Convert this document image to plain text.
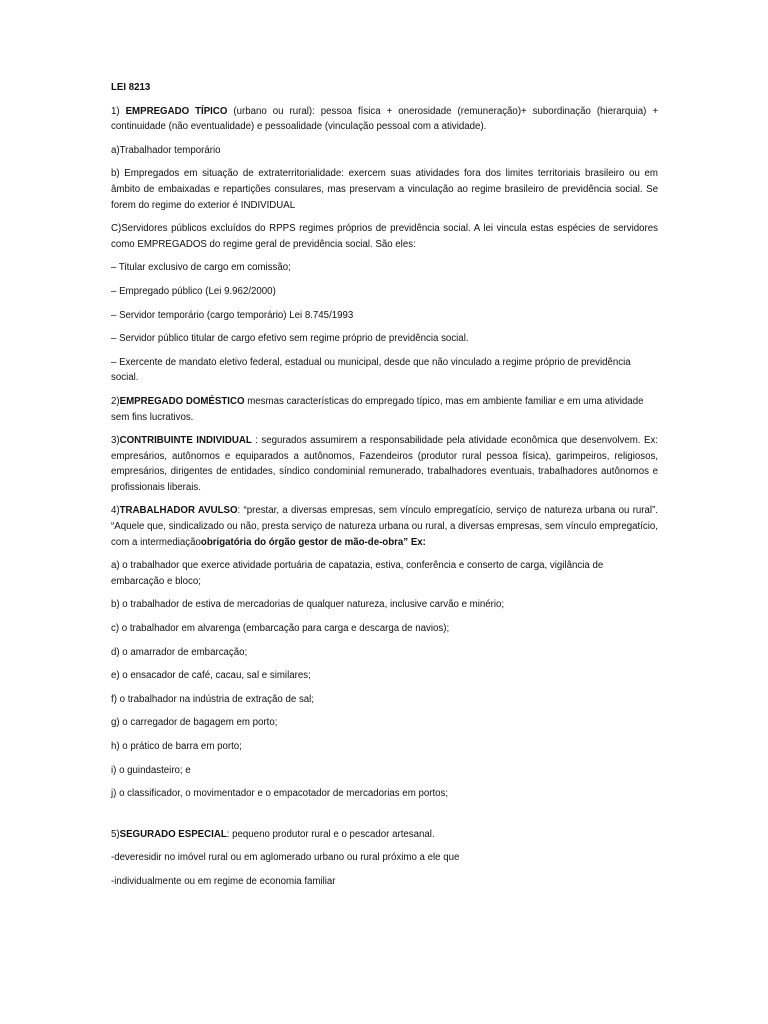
LEI 8213

1) EMPREGADO TÍPICO (urbano ou rural): pessoa física + onerosidade (remuneração)+ subordinação (hierarquia) + continuidade (não eventualidade) e pessoalidade (vinculação pessoal com a atividade).

a)Trabalhador temporário

b) Empregados em situação de extraterritorialidade: exercem suas atividades fora dos limites territoriais brasileiro ou em âmbito de embaixadas e repartições consulares, mas preservam a vinculação ao regime brasileiro de previdência social. Se forem do regime do exterior é INDIVIDUAL

C)Servidores públicos excluídos do RPPS regimes próprios de previdência social. A lei vincula estas espécies de servidores como EMPREGADOS do regime geral de previdência social. São eles:

– Titular exclusivo de cargo em comissão;

– Empregado público (Lei 9.962/2000)

– Servidor temporário (cargo temporário) Lei 8.745/1993

– Servidor público titular de cargo efetivo sem regime próprio de previdência social.

– Exercente de mandato eletivo federal, estadual ou municipal, desde que não vinculado a regime próprio de previdência social.

2)EMPREGADO DOMÉSTICO mesmas características do empregado típico, mas em ambiente familiar e em uma atividade sem fins lucrativos.

3)CONTRIBUINTE INDIVIDUAL : segurados assumirem a responsabilidade pela atividade econômica que desenvolvem. Ex: empresários, autônomos e equiparados a autônomos, Fazendeiros (produtor rural pessoa física), garimpeiros, religiosos, empresários, dirigentes de entidades, síndico condominial remunerado, trabalhadores eventuais, trabalhadores autônomos e profissionais liberais.

4)TRABALHADOR AVULSO: “prestar, a diversas empresas, sem vínculo empregatício, serviço de natureza urbana ou rural”. “Aquele que, sindicalizado ou não, presta serviço de natureza urbana ou rural, a diversas empresas, sem vínculo empregatício, com a intermediaçãoobrigatória do órgão gestor de mão-de-obra” Ex:

a) o trabalhador que exerce atividade portuária de capatazia, estiva, conferência e conserto de carga, vigilância de embarcação e bloco;

b) o trabalhador de estiva de mercadorias de qualquer natureza, inclusive carvão e minério;

c) o trabalhador em alvarenga (embarcação para carga e descarga de navios);

d) o amarrador de embarcação;

e) o ensacador de café, cacau, sal e similares;

f) o trabalhador na indústria de extração de sal;

g) o carregador de bagagem em porto;

h) o prático de barra em porto;

i) o guindasteiro; e

j) o classificador, o movimentador e o empacotador de mercadorias em portos;

5)SEGURADO ESPECIAL: pequeno produtor rural e o pescador artesanal.

-deveresidir no imóvel rural ou em aglomerado urbano ou rural próximo a ele que

-individualmente ou em regime de economia familiar
